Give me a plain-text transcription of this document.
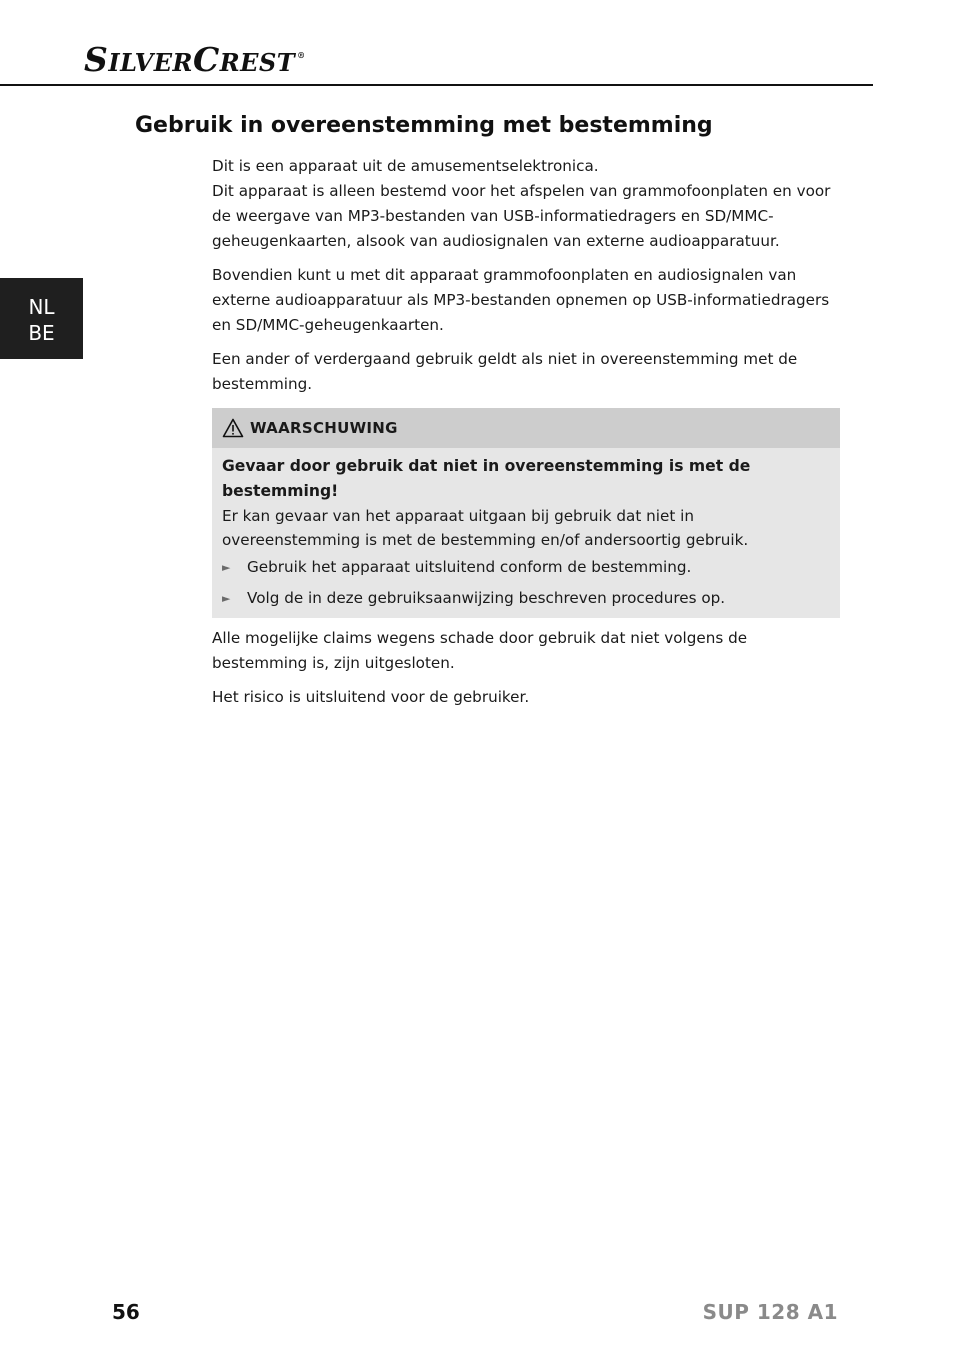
SILVERCREST ®
Gebruik in overeenstemming met bestemming
NL
BE

Dit is een apparaat uit de amusementselektronica.

Dit apparaat is alleen bestemd voor het afspelen van grammofoonplaten en voor de weergave van MP3-bestanden van USB-informatiedragers en SD/MMC-geheugenkaarten, alsook van audiosignalen van externe audioapparatuur.

Bovendien kunt u met dit apparaat grammofoonplaten en audiosignalen van externe audioapparatuur als MP3-bestanden opnemen op USB-informatiedragers en SD/MMC-geheugenkaarten.

Een ander of verdergaand gebruik geldt als niet in overeenstemming met de bestemming.

WAARSCHUWING

Gevaar door gebruik dat niet in overeenstemming is met de bestemming!

Er kan gevaar van het apparaat uitgaan bij gebruik dat niet in overeenstemming is met de bestemming en/of andersoortig gebruik.

►	Gebruik het apparaat uitsluitend conform de bestemming.
►	Volg de in deze gebruiksaanwijzing beschreven procedures op.

Alle mogelijke claims wegens schade door gebruik dat niet volgens de bestemming is, zijn uitgesloten.

Het risico is uitsluitend voor de gebruiker.

56	SUP 128 A1
